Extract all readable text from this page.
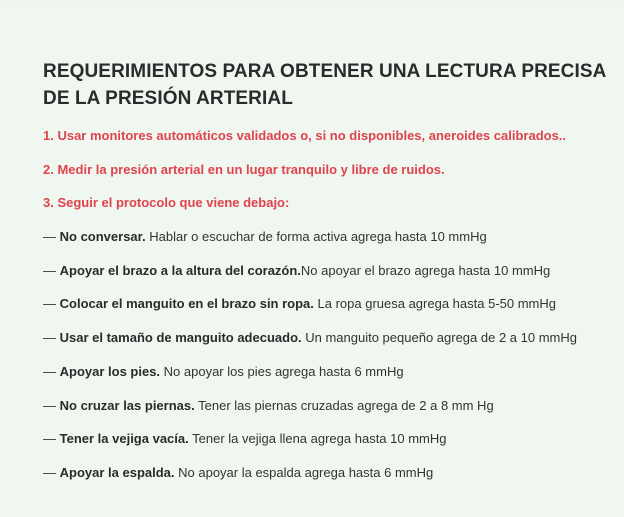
REQUERIMIENTOS PARA OBTENER UNA LECTURA PRECISA DE LA PRESIÓN ARTERIAL
1. Usar monitores automáticos validados o, si no disponibles, aneroides calibrados..
2. Medir la presión arterial en un lugar tranquilo y libre de ruidos.
3. Seguir el protocolo que viene debajo:
— No conversar. Hablar o escuchar de forma activa agrega hasta 10 mmHg
— Apoyar el brazo a la altura del corazón.No apoyar el brazo agrega hasta 10 mmHg
— Colocar el manguito en el brazo sin ropa. La ropa gruesa agrega hasta 5-50 mmHg
— Usar el tamaño de manguito adecuado. Un manguito pequeño agrega de 2 a 10 mmHg
— Apoyar los pies. No apoyar los pies agrega hasta 6 mmHg
— No cruzar las piernas. Tener las piernas cruzadas agrega de 2 a 8 mm Hg
— Tener la vejiga vacía. Tener la vejiga llena agrega hasta 10 mmHg
— Apoyar la espalda. No apoyar la espalda agrega hasta 6 mmHg
